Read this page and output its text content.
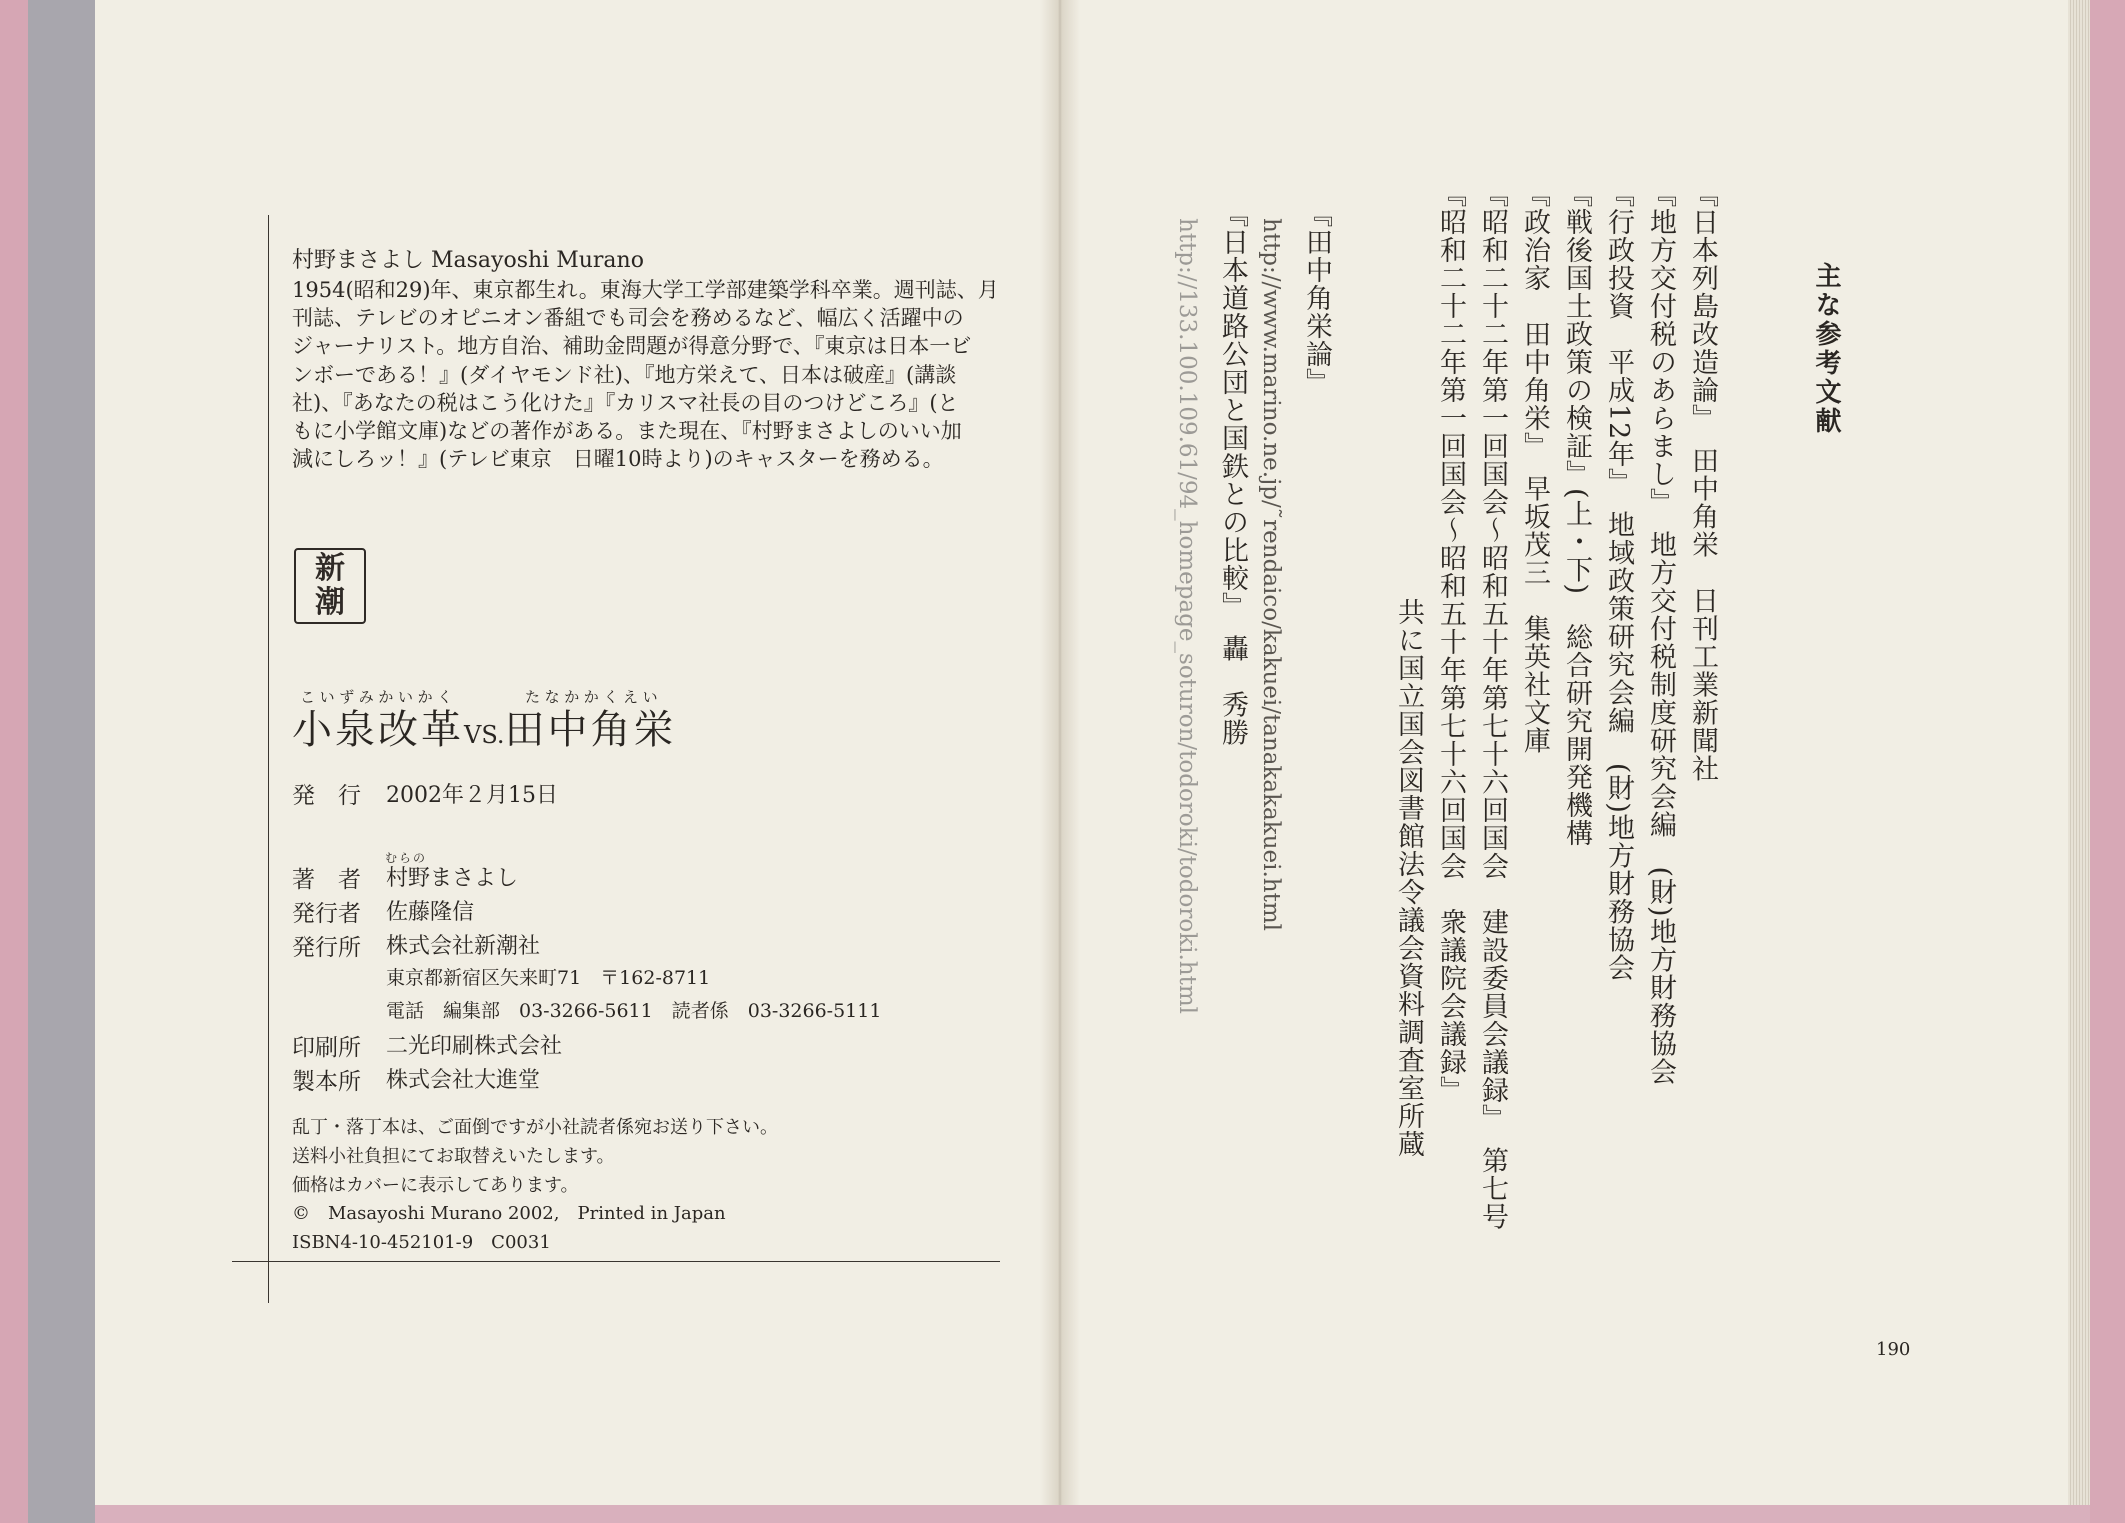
村野まさよし Masayoshi Murano
1954(昭和29)年、東京都生れ。東海大学工学部建築学科卒業。週刊誌、月
刊誌、テレビのオピニオン番組でも司会を務めるなど、幅広く活躍中の
ジャーナリスト。地方自治、補助金問題が得意分野で、『東京は日本一ビ
ンボーである！』(ダイヤモンド社)、『地方栄えて、日本は破産』(講談
社)、『あなたの税はこう化けた』『カリスマ社長の目のつけどころ』(と
もに小学館文庫)などの著作がある。また現在、『村野まさよしのいい加
減にしろッ！』(テレビ東京　日曜10時より)のキャスターを務める。
新
潮
こいずみかいかく	たなかかくえい
小泉改革VS.田中角栄
発　行 2002年２月15日
むらの
著　者 村野まさよし
発行者 佐藤隆信
発行所 株式会社新潮社
東京都新宿区矢来町71　〒162-8711
電話　編集部　03-3266-5611　読者係　03-3266-5111
印刷所 二光印刷株式会社
製本所 株式会社大進堂
乱丁・落丁本は、ご面倒ですが小社読者係宛お送り下さい。
送料小社負担にてお取替えいたします。
価格はカバーに表示してあります。
©　Masayoshi Murano 2002,　Printed in Japan
ISBN4-10-452101-9　C0031
主な参考文献
『日本列島改造論』　田中角栄　日刊工業新聞社
『地方交付税のあらまし』　地方交付税制度研究会編　(財)地方財務協会
『行政投資　平成12年』　地域政策研究会編　(財)地方財務協会
『戦後国土政策の検証』(上・下)　総合研究開発機構
『政治家　田中角栄』　早坂茂三　集英社文庫
『昭和二十二年第一回国会～昭和五十年第七十六回国会　建設委員会議録』　第七号
『昭和二十二年第一回国会～昭和五十年第七十六回国会　衆議院会議録』
共に国立国会図書館法令議会資料調査室所蔵
『田中角栄論』
http://www.marino.ne.jp/˜rendaico/kakuei/tanakakakuei.html
『日本道路公団と国鉄との比較』　轟　秀勝
http://133.100.109.61/94_homepage_soturon/todoroki/todoroki.html
190
